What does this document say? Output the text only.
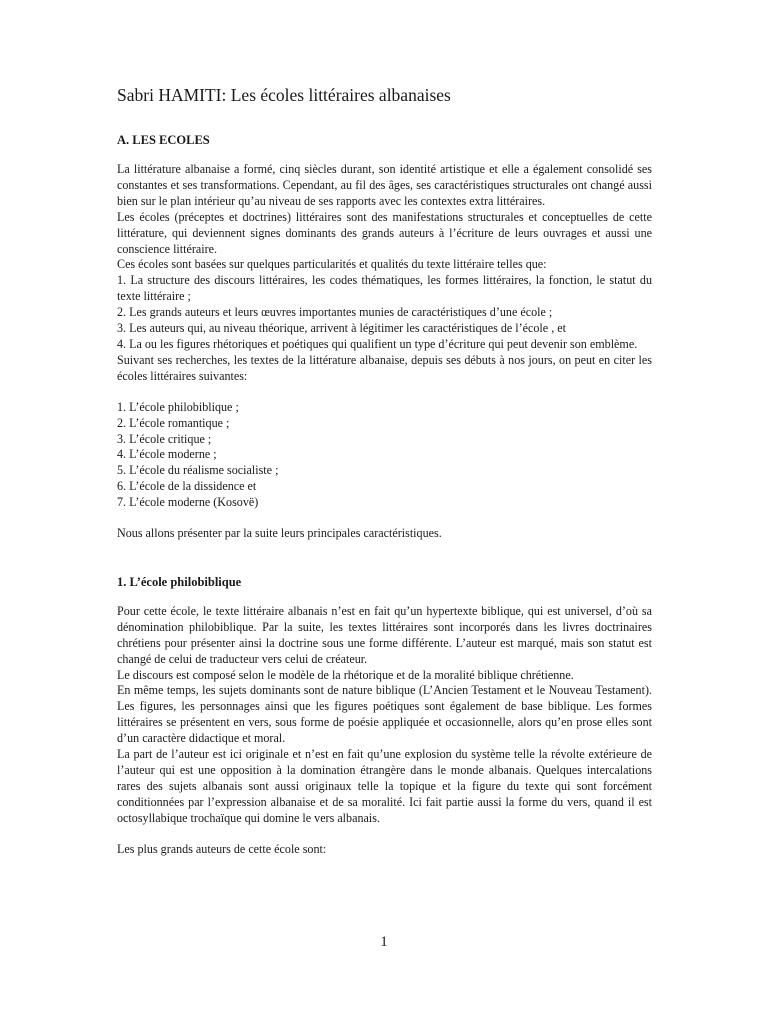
Sabri HAMITI: Les écoles littéraires albanaises
A. LES ECOLES

La littérature albanaise a formé, cinq siècles durant, son identité artistique et elle a également consolidé ses constantes et ses transformations. Cependant, au fil des âges, ses caractéristiques structurales ont changé aussi bien sur le plan intérieur qu’au niveau de ses rapports avec les contextes extra littéraires.

Les écoles (préceptes et doctrines) littéraires sont des manifestations structurales et conceptuelles de cette littérature, qui deviennent signes dominants des grands auteurs à l’écriture de leurs ouvrages et aussi une conscience littéraire.

Ces écoles sont basées sur quelques particularités et qualités du texte littéraire telles que:

1. La structure des discours littéraires, les codes thématiques, les formes littéraires, la fonction, le statut du texte littéraire ;

2. Les grands auteurs et leurs œuvres importantes munies de caractéristiques d’une école ;

3. Les auteurs qui, au niveau théorique, arrivent à légitimer les caractéristiques de l’école , et

4. La ou les figures rhétoriques et poétiques qui qualifient un type d’écriture qui peut devenir son emblème.

Suivant ses recherches, les textes de la littérature albanaise, depuis ses débuts à nos jours, on peut en citer les écoles littéraires suivantes:

1. L’école philobiblique ;
2. L’école romantique ;
3. L’école critique ;
4. L’école moderne ;
5. L’école du réalisme socialiste ;
6. L’école de la dissidence et
7. L’école moderne (Kosovë)

Nous allons présenter par la suite leurs principales caractéristiques.

1. L’école philobiblique

Pour cette école, le texte littéraire albanais n’est en fait qu’un hypertexte biblique, qui est universel, d’où sa dénomination philobiblique. Par la suite, les textes littéraires sont incorporés dans les livres doctrinaires chrétiens pour présenter ainsi la doctrine sous une forme différente. L’auteur est marqué, mais son statut est changé de celui de traducteur vers celui de créateur.

Le discours est composé selon le modèle de la rhétorique et de la moralité biblique chrétienne.

En même temps, les sujets dominants sont de nature biblique (L’Ancien Testament et le Nouveau Testament). Les figures, les personnages ainsi que les figures poétiques sont également de base biblique. Les formes littéraires se présentent en vers, sous forme de poésie appliquée et occasionnelle, alors qu’en prose elles sont d’un caractère didactique et moral.

La part de l’auteur est ici originale et n’est en fait qu’une explosion du système telle la révolte extérieure de l’auteur qui est une opposition à la domination étrangère dans le monde albanais. Quelques intercalations rares des sujets albanais sont aussi originaux telle la topique et la figure du texte qui sont forcément conditionnées par l’expression albanaise et de sa moralité. Ici fait partie aussi la forme du vers, quand il est octosyllabique trochaïque qui domine le vers albanais.

Les plus grands auteurs de cette école sont:

1
